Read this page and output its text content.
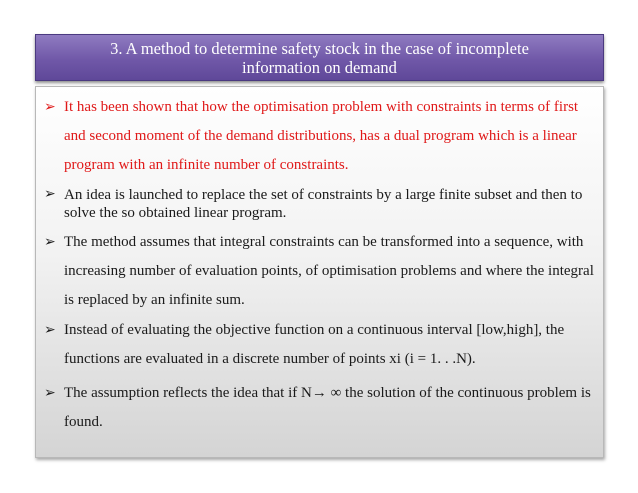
3. A method to determine safety stock in the case of incomplete
information on demand
➢ It has been shown that how the optimisation problem with constraints in terms of first and second moment of the demand distributions, has a dual program which is a linear program with an infinite number of constraints.
➢ An idea is launched to replace the set of constraints by a large finite subset and then to solve the so obtained linear program.
➢ The method assumes that integral constraints can be transformed into a sequence, with increasing number of evaluation points, of optimisation problems and where the integral is replaced by an infinite sum.
➢ Instead of evaluating the objective function on a continuous interval [low,high], the functions are evaluated in a discrete number of points xi (i = 1. . .N).
➢ The assumption reflects the idea that if N→ ∞ the solution of the continuous problem is found.
